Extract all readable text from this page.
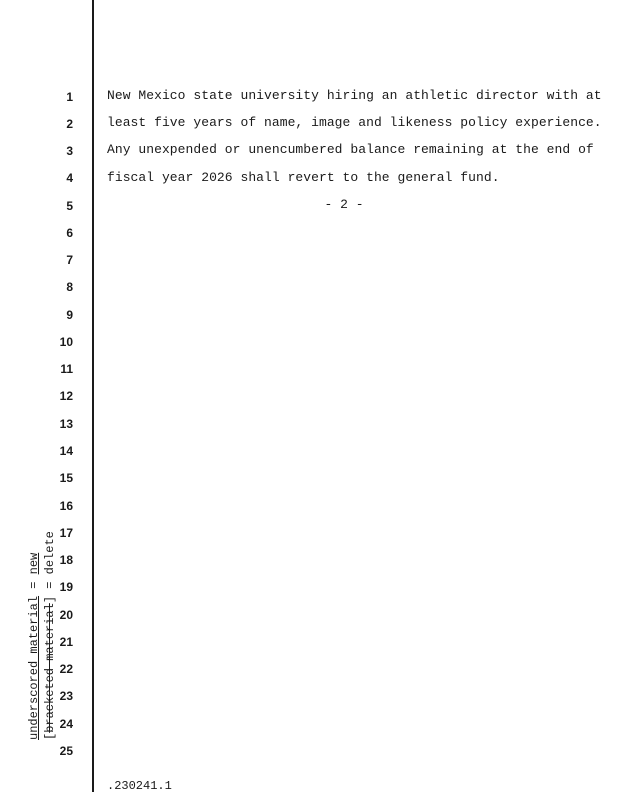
1
2
3
4
5
6
7
8
9
10
11
12
13
14
15
16
17
18
19
20
21
22
23
24
25
New Mexico state university hiring an athletic director with at
least five years of name, image and likeness policy experience.
Any unexpended or unencumbered balance remaining at the end of
fiscal year 2026 shall revert to the general fund.
- 2 -
underscored material = new
[bracketed material] = delete
.230241.1
